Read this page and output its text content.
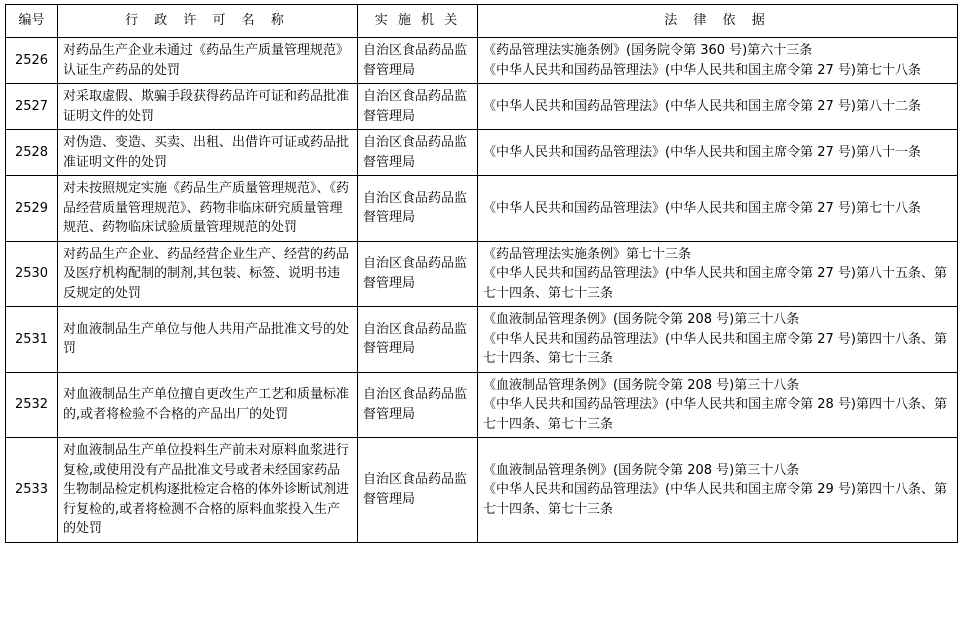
编号	行 政 许 可 名 称	实 施 机 关	法 律 依 据
2526	对药品生产企业未通过《药品生产质量管理规范》认证生产药品的处罚	自治区食品药品监督管理局	《药品管理法实施条例》(国务院令第 360 号)第六十三条
《中华人民共和国药品管理法》(中华人民共和国主席令第 27 号)第七十八条

2527	对采取虚假、欺骗手段获得药品许可证和药品批准证明文件的处罚	自治区食品药品监督管理局	《中华人民共和国药品管理法》(中华人民共和国主席令第 27 号)第八十二条
2528	对伪造、变造、买卖、出租、出借许可证或药品批准证明文件的处罚	自治区食品药品监督管理局	《中华人民共和国药品管理法》(中华人民共和国主席令第 27 号)第八十一条
2529	对未按照规定实施《药品生产质量管理规范》、《药品经营质量管理规范》、药物非临床研究质量管理规范、药物临床试验质量管理规范的处罚	自治区食品药品监督管理局	《中华人民共和国药品管理法》(中华人民共和国主席令第 27 号)第七十八条
2530	对药品生产企业、药品经营企业生产、经营的药品及医疗机构配制的制剂,其包装、标签、说明书违反规定的处罚	自治区食品药品监督管理局	《药品管理法实施条例》第七十三条
《中华人民共和国药品管理法》(中华人民共和国主席令第 27 号)第八十五条、第七十四条、第七十三条

2531	对血液制品生产单位与他人共用产品批准文号的处罚	自治区食品药品监督管理局	《血液制品管理条例》(国务院令第 208 号)第三十八条
《中华人民共和国药品管理法》(中华人民共和国主席令第 27 号)第四十八条、第七十四条、第七十三条

2532	对血液制品生产单位擅自更改生产工艺和质量标准的,或者将检验不合格的产品出厂的处罚	自治区食品药品监督管理局	《血液制品管理条例》(国务院令第 208 号)第三十八条
《中华人民共和国药品管理法》(中华人民共和国主席令第 28 号)第四十八条、第七十四条、第七十三条

2533	对血液制品生产单位投料生产前未对原料血浆进行复检,或使用没有产品批准文号或者未经国家药品生物制品检定机构逐批检定合格的体外诊断试剂进行复检的,或者将检测不合格的原料血浆投入生产的处罚	自治区食品药品监督管理局	《血液制品管理条例》(国务院令第 208 号)第三十八条
《中华人民共和国药品管理法》(中华人民共和国主席令第 29 号)第四十八条、第七十四条、第七十三条
